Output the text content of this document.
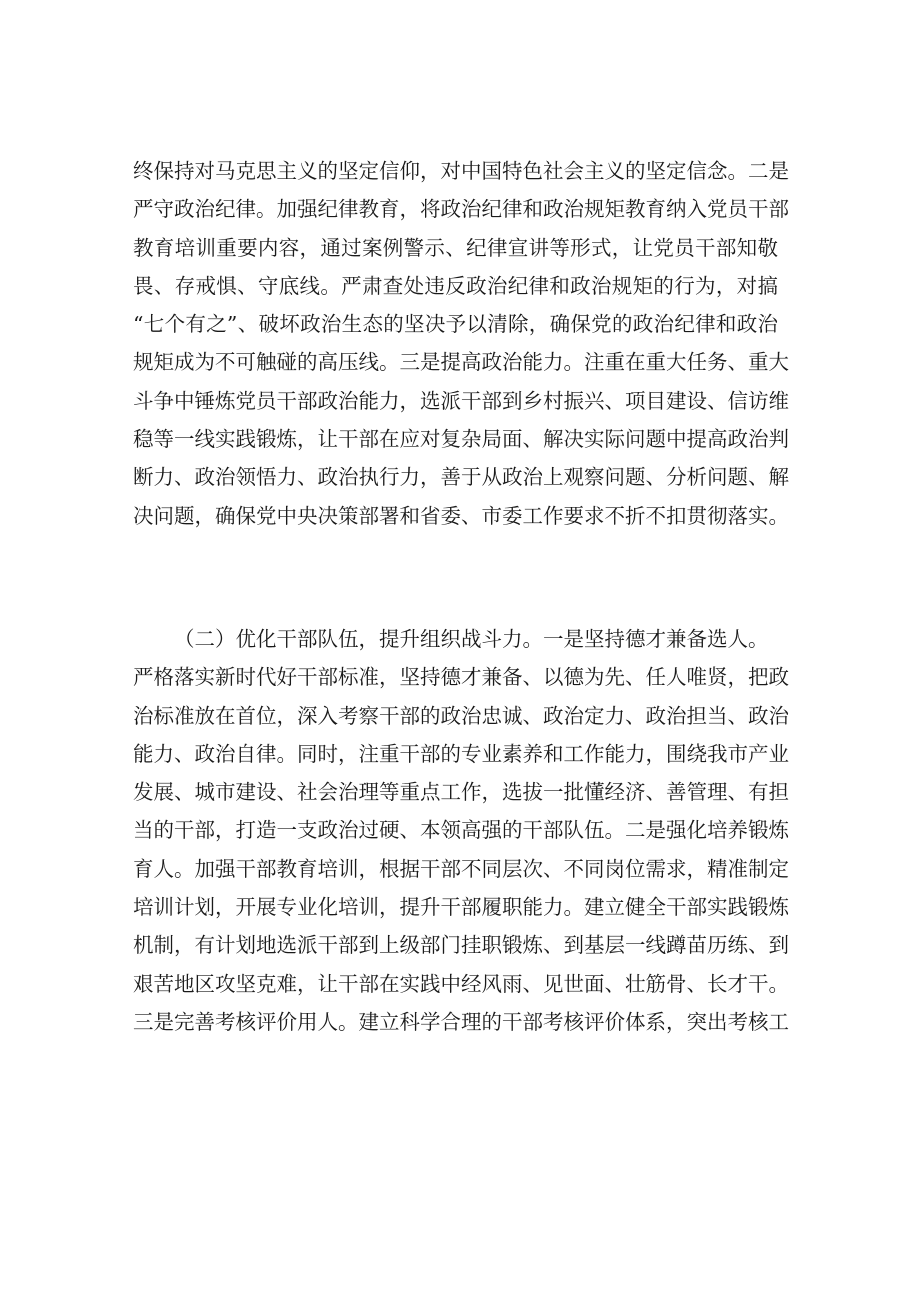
终保持对马克思主义的坚定信仰，对中国特色社会主义的坚定信念。二是
严守政治纪律。加强纪律教育，将政治纪律和政治规矩教育纳入党员干部
教育培训重要内容，通过案例警示、纪律宣讲等形式，让党员干部知敬
畏、存戒惧、守底线。严肃查处违反政治纪律和政治规矩的行为，对搞
“七个有之”、破坏政治生态的坚决予以清除，确保党的政治纪律和政治
规矩成为不可触碰的高压线。三是提高政治能力。注重在重大任务、重大
斗争中锤炼党员干部政治能力，选派干部到乡村振兴、项目建设、信访维
稳等一线实践锻炼，让干部在应对复杂局面、解决实际问题中提高政治判
断力、政治领悟力、政治执行力，善于从政治上观察问题、分析问题、解
决问题，确保党中央决策部署和省委、市委工作要求不折不扣贯彻落实。
（二）优化干部队伍，提升组织战斗力。一是坚持德才兼备选人。
严格落实新时代好干部标准，坚持德才兼备、以德为先、任人唯贤，把政
治标准放在首位，深入考察干部的政治忠诚、政治定力、政治担当、政治
能力、政治自律。同时，注重干部的专业素养和工作能力，围绕我市产业
发展、城市建设、社会治理等重点工作，选拔一批懂经济、善管理、有担
当的干部，打造一支政治过硬、本领高强的干部队伍。二是强化培养锻炼
育人。加强干部教育培训，根据干部不同层次、不同岗位需求，精准制定
培训计划，开展专业化培训，提升干部履职能力。建立健全干部实践锻炼
机制，有计划地选派干部到上级部门挂职锻炼、到基层一线蹲苗历练、到
艰苦地区攻坚克难，让干部在实践中经风雨、见世面、壮筋骨、长才干。
三是完善考核评价用人。建立科学合理的干部考核评价体系，突出考核工
